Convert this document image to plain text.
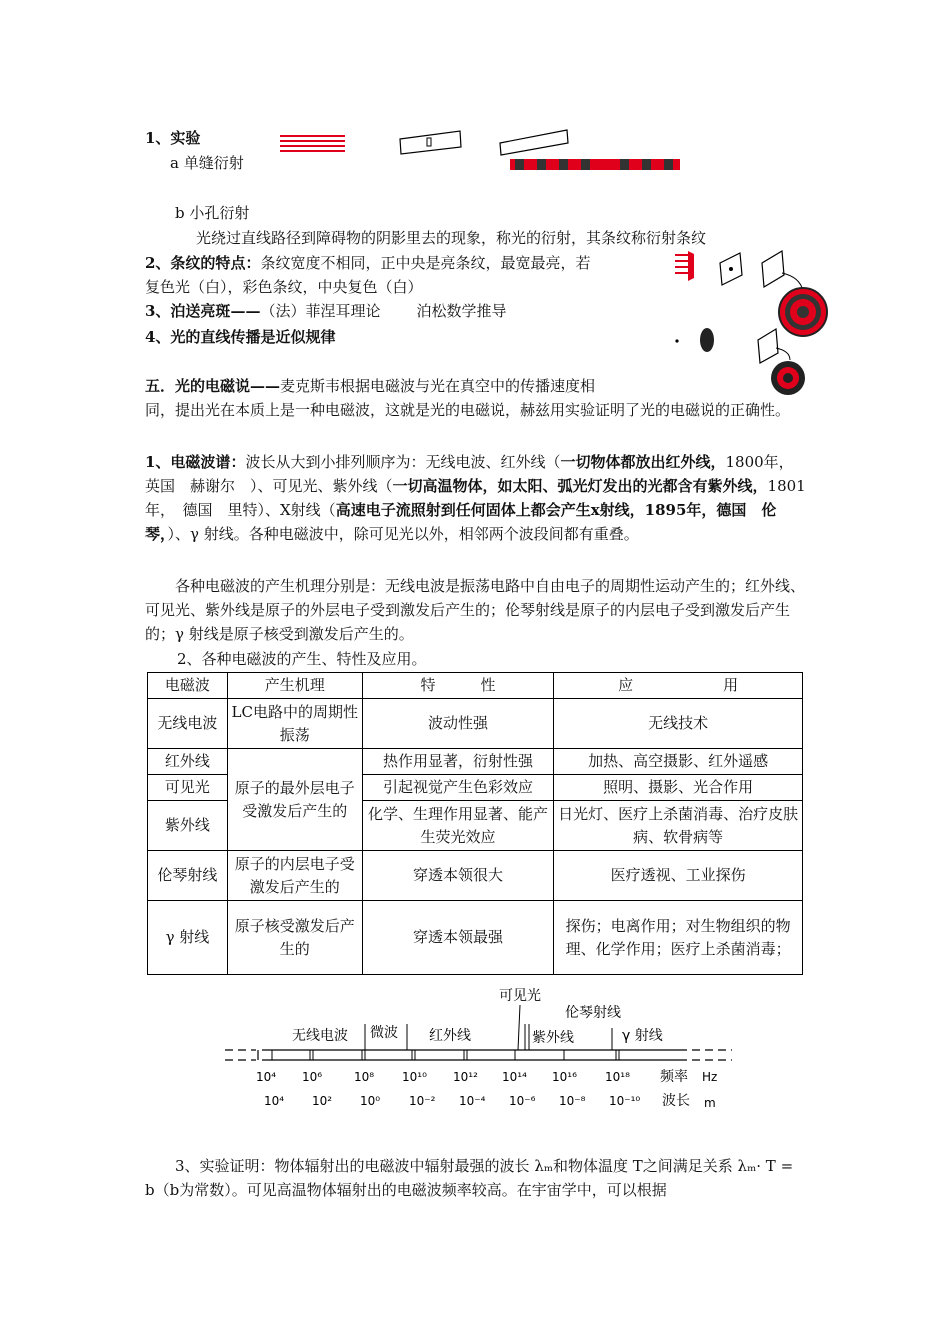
1、实验
a 单缝衍射
b 小孔衍射
光绕过直线路径到障碍物的阴影里去的现象，称光的衍射，其条纹称衍射条纹
2、条纹的特点：条纹宽度不相同，正中央是亮条纹，最宽最亮，若
复色光（白），彩色条纹，中央复色（白）
3、泊送亮斑——（法）菲涅耳理论 泊松数学推导
4、光的直线传播是近似规律

五．光的电磁说——麦克斯韦根据电磁波与光在真空中的传播速度相

同，提出光在本质上是一种电磁波，这就是光的电磁说，赫兹用实验证明了光的电磁说的正确性。

1、电磁波谱：波长从大到小排列顺序为：无线电波、红外线（一切物体都放出红外线，1800年，英国　赫谢尔　）、可见光、紫外线（一切高温物体，如太阳、弧光灯发出的光都含有紫外线，1801年，　德国　里特）、X射线（高速电子流照射到任何固体上都会产生x射线，1895年，德国　伦琴，）、γ 射线。各种电磁波中，除可见光以外，相邻两个波段间都有重叠。

各种电磁波的产生机理分别是：无线电波是振荡电路中自由电子的周期性运动产生的；红外线、可见光、紫外线是原子的外层电子受到激发后产生的；伦琴射线是原子的内层电子受到激发后产生的；γ 射线是原子核受到激发后产生的。
2、各种电磁波的产生、特性及应用。
电磁波	产生机理	特　　　性	应　　　　　　用
无线电波	LC电路中的周期性振荡	波动性强	无线技术
红外线	原子的最外层电子受激发后产生的	热作用显著，衍射性强	加热、高空摄影、红外遥感
可见光		引起视觉产生色彩效应	照明、摄影、光合作用
紫外线		化学、生理作用显著、能产生荧光效应	日光灯、医疗上杀菌消毒、治疗皮肤病、软骨病等
伦琴射线	原子的内层电子受激发后产生的	穿透本领很大	医疗透视、工业探伤
γ 射线	原子核受激发后产生的	穿透本领最强	探伤；电离作用；对生物组织的物理、化学作用；医疗上杀菌消毒；
无线电波 微波 红外线
可见光
紫外线
伦琴射线
γ 射线
10⁴ 10⁶	10⁸ 10¹⁰ 10¹² 10¹⁴ 10¹⁶ 10¹⁸ 频率 Hz
10⁴ 10² 10⁰ 10⁻² 10⁻⁴ 10⁻⁶ 10⁻⁸ 10⁻¹⁰ 波长 m
3、实验证明：物体辐射出的电磁波中辐射最强的波长 λₘ和物体温度 T之间满足关系 λₘ· T = b（b为常数）。可见高温物体辐射出的电磁波频率较高。在宇宙学中，可以根据
